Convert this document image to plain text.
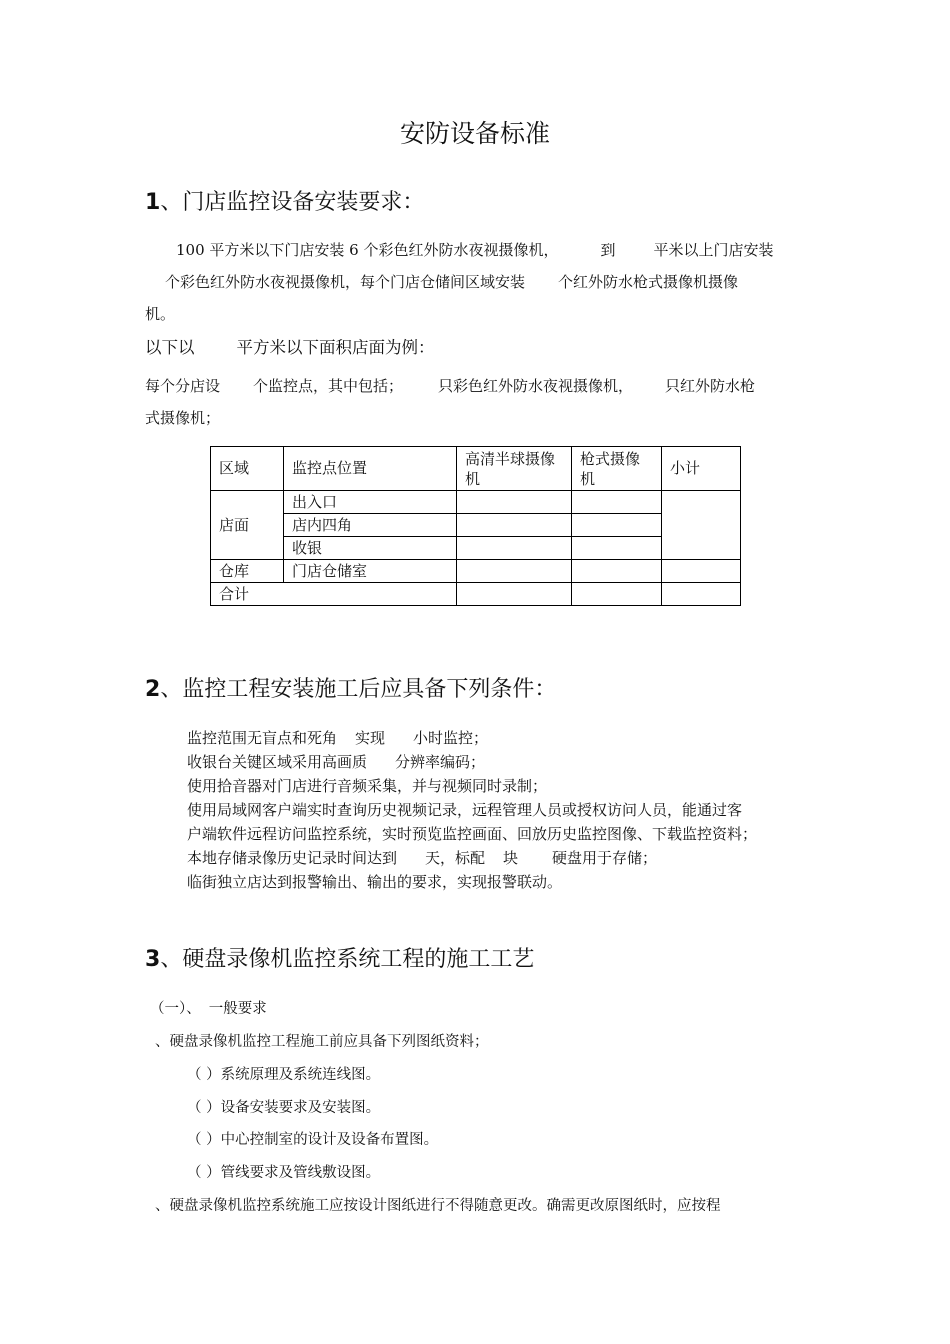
安防设备标准
1、门店监控设备安装要求：
100 平方米以下门店安装 6 个彩色红外防水夜视摄像机，	到	平米以上门店安装
个彩色红外防水夜视摄像机，每个门店仓储间区域安装 个红外防水枪式摄像机摄像
机。
以下以	平方米以下面积店面为例：
每个分店设 个监控点，其中包括； 只彩色红外防水夜视摄像机， 只红外防水枪
式摄像机；
区域	监控点位置	高清半球摄像机	枪式摄像机	小计
店面	出入口			
	店内四角			
	收银			
仓库	门店仓储室			
合计				
2、监控工程安装施工后应具备下列条件：
监控范围无盲点和死角 实现 小时监控；
收银台关键区域采用高画质 分辨率编码；
使用拾音器对门店进行音频采集，并与视频同时录制；
使用局域网客户端实时查询历史视频记录，远程管理人员或授权访问人员，能通过客
户端软件远程访问监控系统，实时预览监控画面、回放历史监控图像、下载监控资料；
本地存储录像历史记录时间达到 天，标配 块 硬盘用于存储；
临街独立店达到报警输出、输出的要求，实现报警联动。
3、硬盘录像机监控系统工程的施工工艺
（一）、 一般要求
、硬盘录像机监控工程施工前应具备下列图纸资料；
（ ）系统原理及系统连线图。
（ ）设备安装要求及安装图。
（ ）中心控制室的设计及设备布置图。
（ ）管线要求及管线敷设图。
、硬盘录像机监控系统施工应按设计图纸进行不得随意更改。确需更改原图纸时，应按程
